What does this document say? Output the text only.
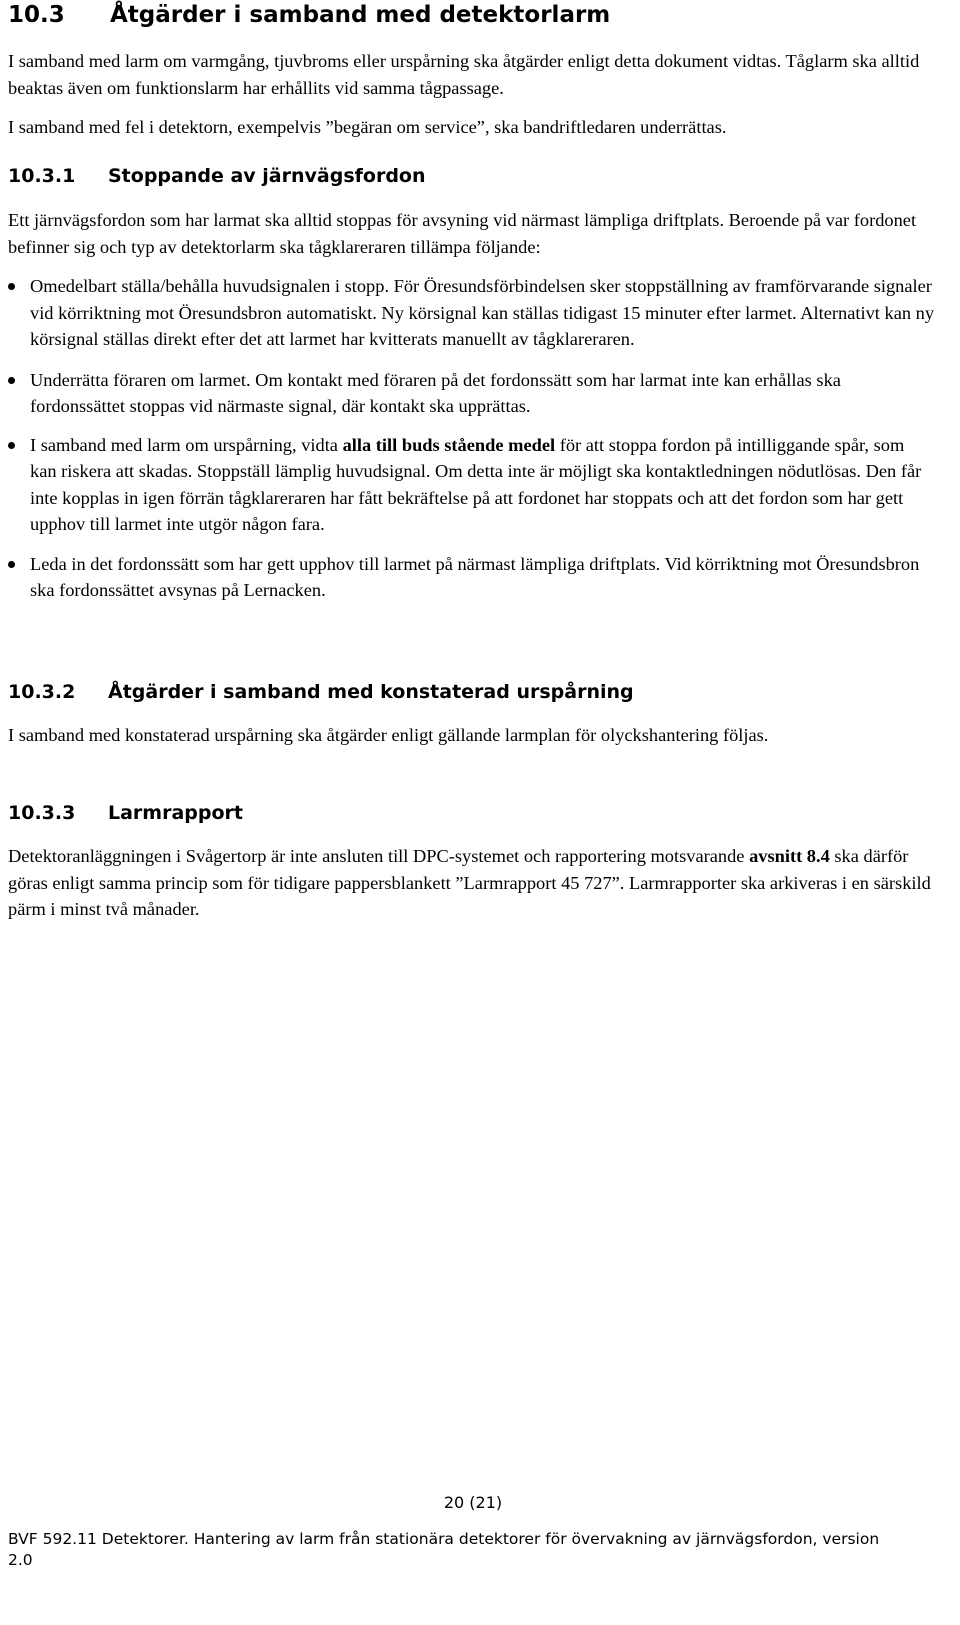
10.3 Åtgärder i samband med detektorlarm

I samband med larm om varmgång, tjuvbroms eller urspårning ska åtgärder enligt detta dokument vidtas. Tåglarm ska alltid beaktas även om funktionslarm har erhållits vid samma tågpassage.

I samband med fel i detektorn, exempelvis ”begäran om service”, ska bandriftledaren underrättas.

10.3.1 Stoppande av järnvägsfordon

Ett järnvägsfordon som har larmat ska alltid stoppas för avsyning vid närmast lämpliga driftplats. Beroende på var fordonet befinner sig och typ av detektorlarm ska tågklareraren tillämpa följande:

Omedelbart ställa/behålla huvudsignalen i stopp. För Öresundsförbindelsen sker stoppställning av framförvarande signaler vid körriktning mot Öresundsbron automatiskt. Ny körsignal kan ställas tidigast 15 minuter efter larmet. Alternativt kan ny körsignal ställas direkt efter det att larmet har kvitterats manuellt av tågklareraren.
Underrätta föraren om larmet. Om kontakt med föraren på det fordonssätt som har larmat inte kan erhållas ska fordonssättet stoppas vid närmaste signal, där kontakt ska upprättas.
I samband med larm om urspårning, vidta alla till buds stående medel för att stoppa fordon på intilliggande spår, som kan riskera att skadas. Stoppställ lämplig huvudsignal. Om detta inte är möjligt ska kontaktledningen nödutlösas. Den får inte kopplas in igen förrän tågklareraren har fått bekräftelse på att fordonet har stoppats och att det fordon som har gett upphov till larmet inte utgör någon fara.
Leda in det fordonssätt som har gett upphov till larmet på närmast lämpliga driftplats. Vid körriktning mot Öresundsbron ska fordonssättet avsynas på Lernacken.
10.3.2 Åtgärder i samband med konstaterad urspårning

I samband med konstaterad urspårning ska åtgärder enligt gällande larmplan för olyckshantering följas.

10.3.3 Larmrapport

Detektoranläggningen i Svågertorp är inte ansluten till DPC-systemet och rapportering motsvarande avsnitt 8.4 ska därför göras enligt samma princip som för tidigare pappersblankett ”Larmrapport 45 727”. Larmrapporter ska arkiveras i en särskild pärm i minst två månader.

20 (21)
BVF 592.11 Detektorer. Hantering av larm från stationära detektorer för övervakning av järnvägsfordon, version 2.0
